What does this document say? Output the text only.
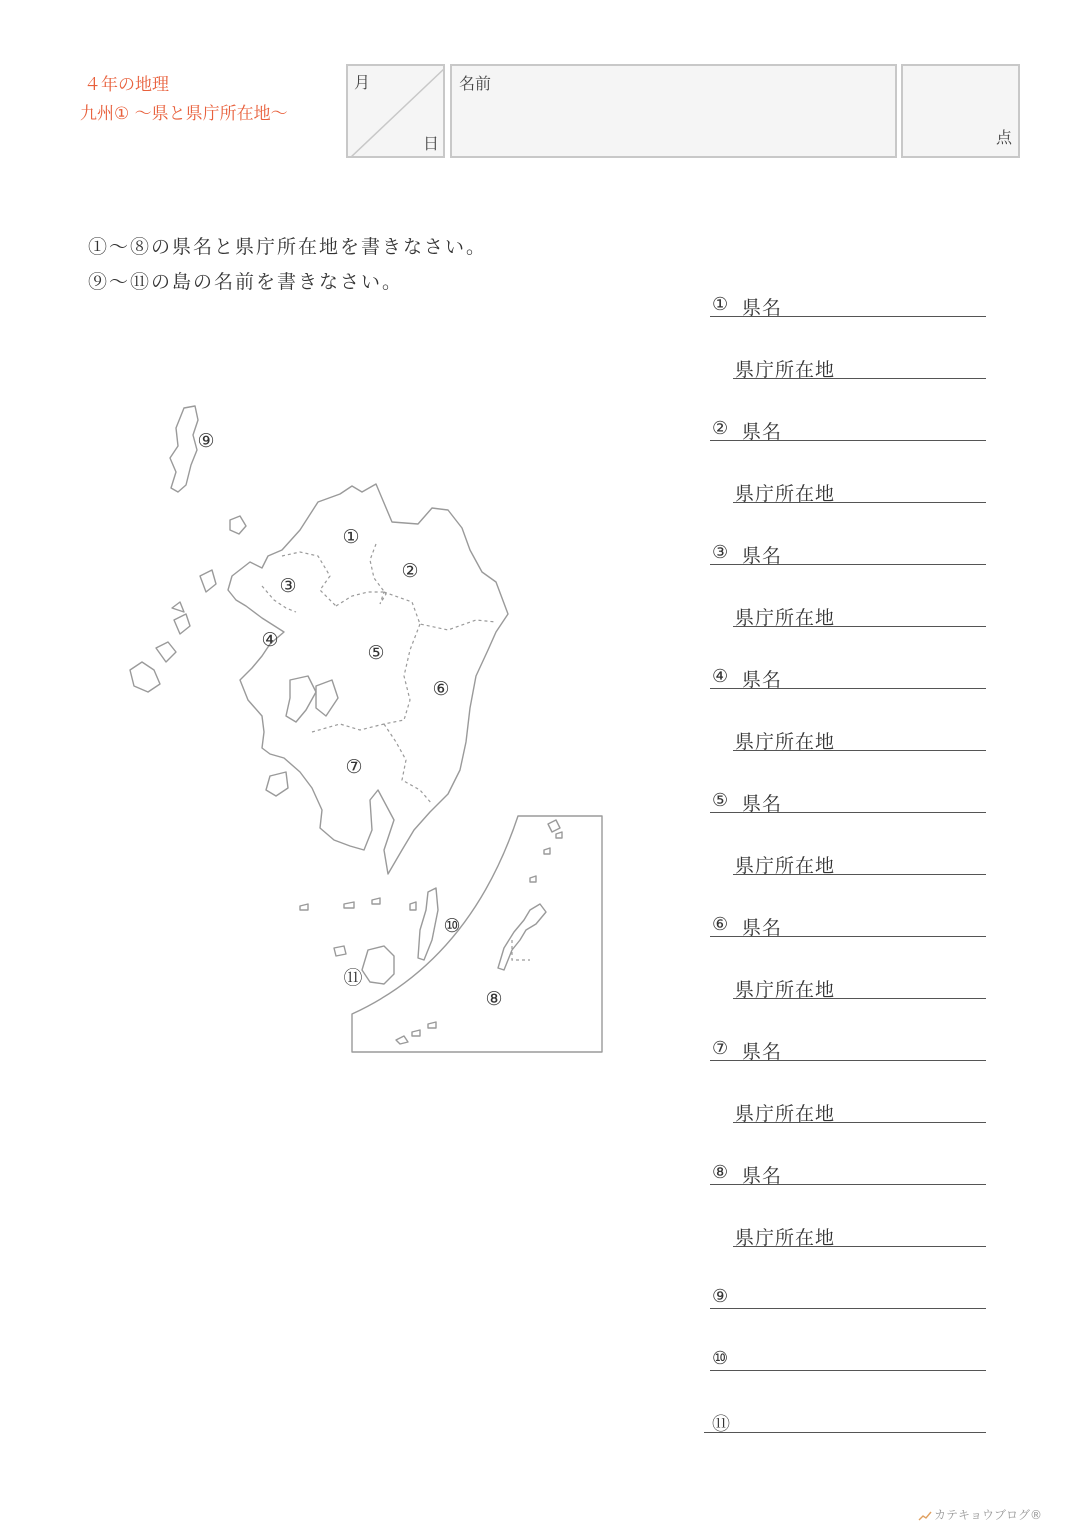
４年の地理
九州① 〜県と県庁所在地〜
月
日
名前
点
①〜⑧の県名と県庁所在地を書きなさい。
⑨〜⑪の島の名前を書きなさい。
①
②
③
④
⑤
⑥
⑦
⑧
⑨
⑩
⑪
① 県名
県庁所在地
② 県名
県庁所在地
③ 県名
県庁所在地
④ 県名
県庁所在地
⑤ 県名
県庁所在地
⑥ 県名
県庁所在地
⑦ 県名
県庁所在地
⑧ 県名
県庁所在地
⑨
⑩
⑪
カテキョウブログ®
